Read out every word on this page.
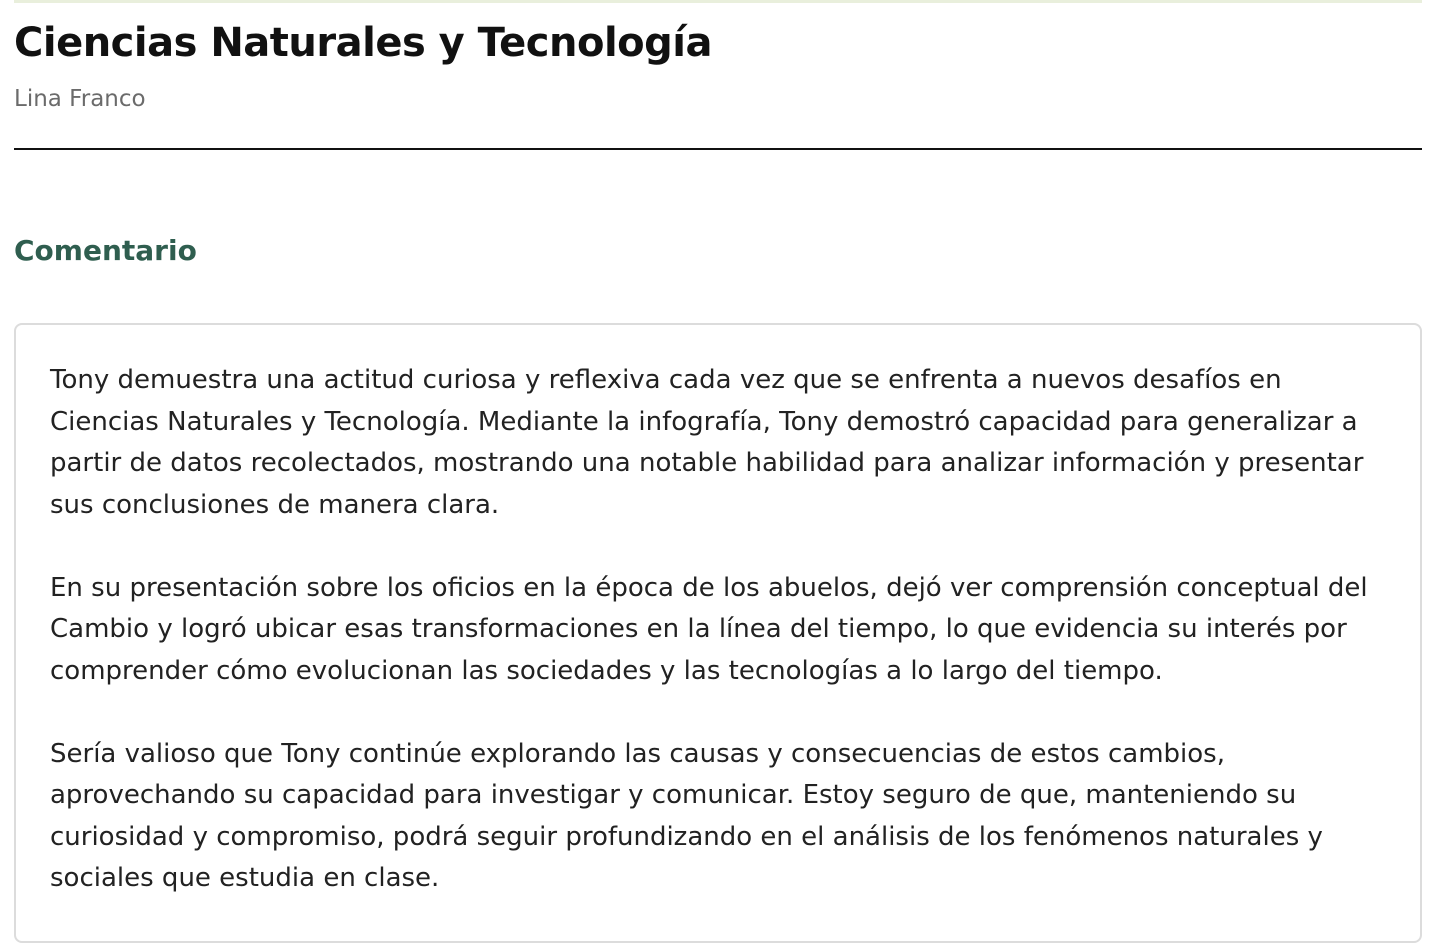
Ciencias Naturales y Tecnología
Lina Franco
Comentario

Tony demuestra una actitud curiosa y reflexiva cada vez que se enfrenta a nuevos desafíos en Ciencias Naturales y Tecnología. Mediante la infografía, Tony demostró capacidad para generalizar a partir de datos recolectados, mostrando una notable habilidad para analizar información y presentar sus conclusiones de manera clara.

En su presentación sobre los oficios en la época de los abuelos, dejó ver comprensión conceptual del Cambio y logró ubicar esas transformaciones en la línea del tiempo, lo que evidencia su interés por comprender cómo evolucionan las sociedades y las tecnologías a lo largo del tiempo.

Sería valioso que Tony continúe explorando las causas y consecuencias de estos cambios, aprovechando su capacidad para investigar y comunicar. Estoy seguro de que, manteniendo su curiosidad y compromiso, podrá seguir profundizando en el análisis de los fenómenos naturales y sociales que estudia en clase.
